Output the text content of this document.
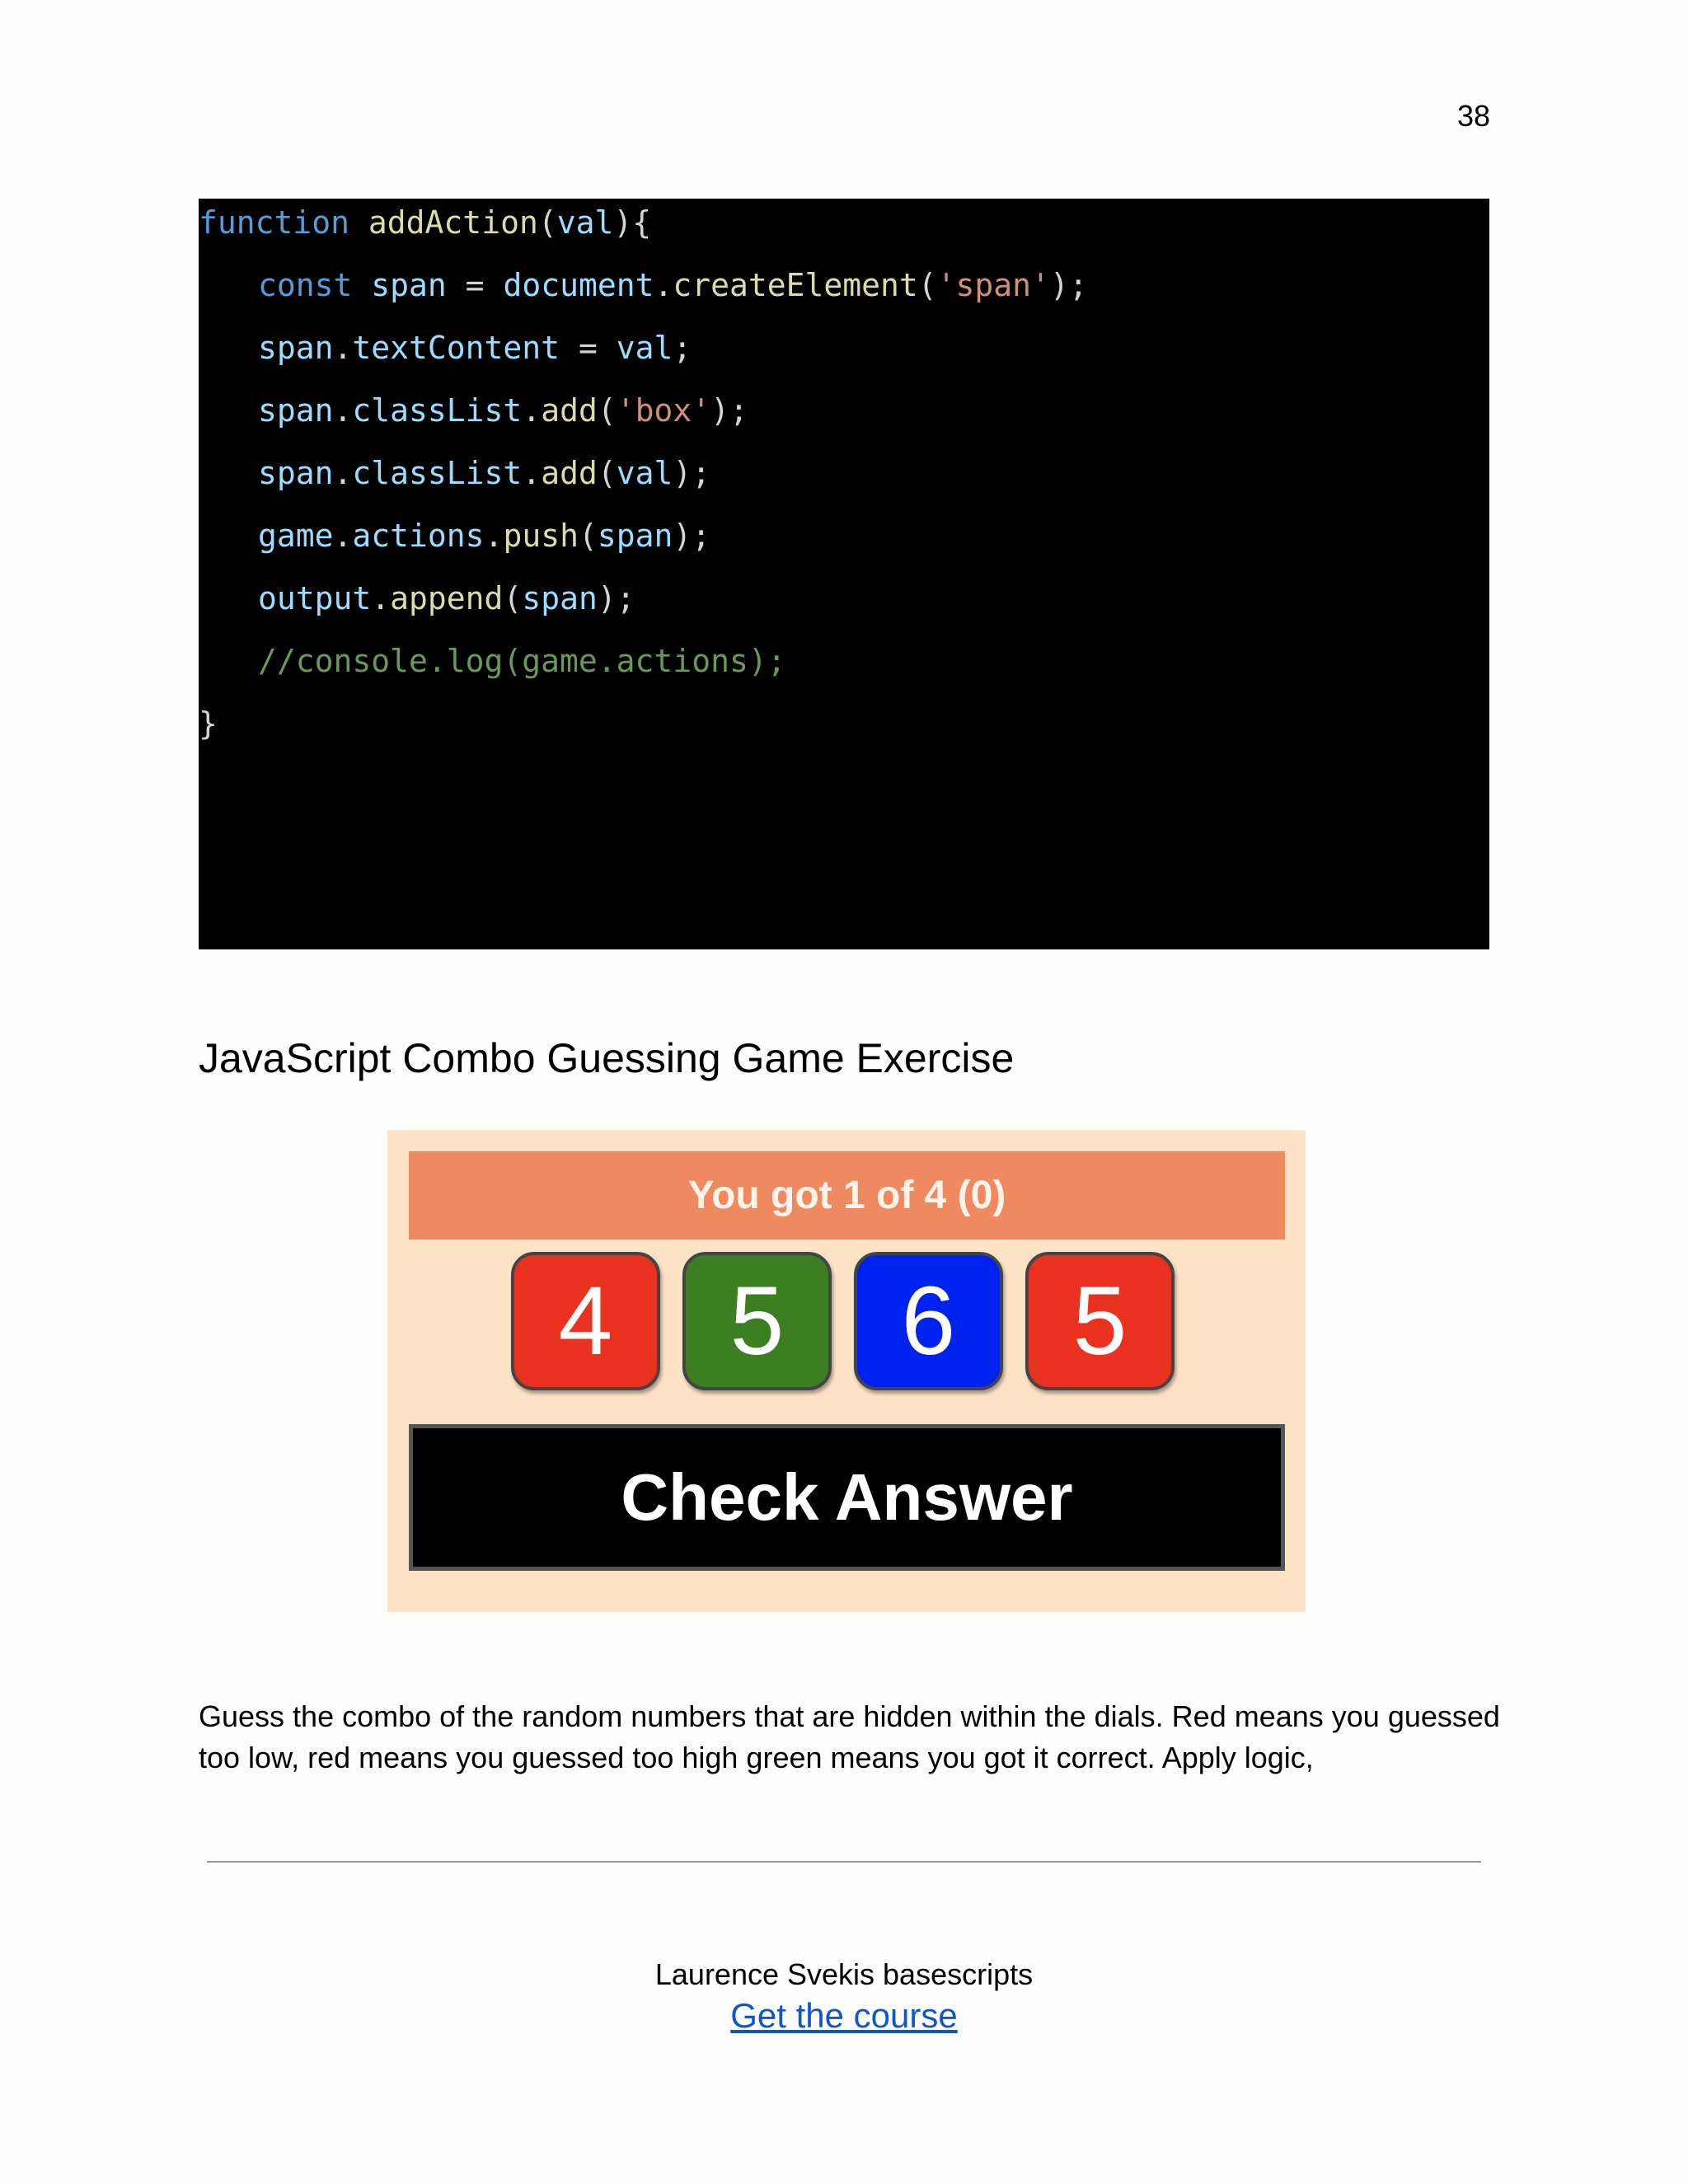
38
function addAction(val){
const span = document.createElement('span');
span.textContent = val;
span.classList.add('box');
span.classList.add(val);
game.actions.push(span);
output.append(span);
//console.log(game.actions);
}
JavaScript Combo Guessing Game Exercise
You got 1 of 4 (0)
4	5	6	5
Check Answer

Guess the combo of the random numbers that are hidden within the dials. Red means you guessed too low, red means you guessed too high green means you got it correct. Apply logic,

Laurence Svekis basescripts
Get the course
